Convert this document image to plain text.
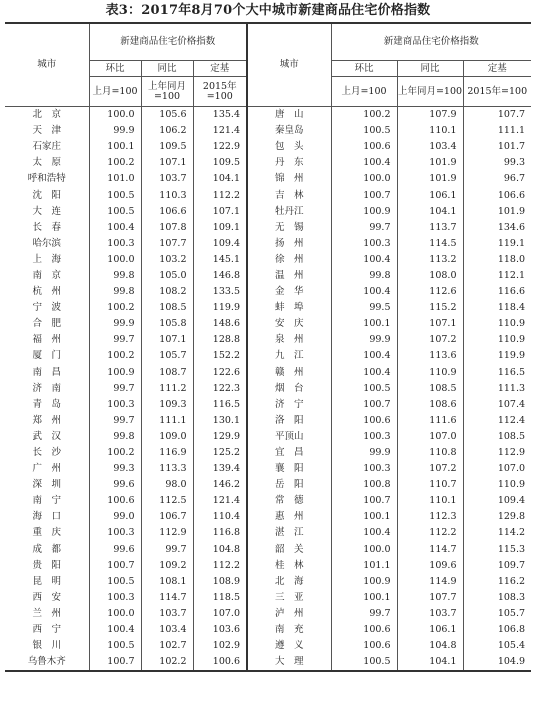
表3：2017年8月70个大中城市新建商品住宅价格指数
城市	新建商品住宅价格指数			城市	新建商品住宅价格指数		
	环比	同比	定基		环比	同比	定基
	上月=100	上年同月=100	2015年=100		上月=100	上年同月=100	2015年=100
北　京	100.0	105.6	135.4	唐　山	100.2	107.9	107.7
天　津	99.9	106.2	121.4	秦皇岛	100.5	110.1	111.1
石家庄	100.1	109.5	122.9	包　头	100.6	103.4	101.7
太　原	100.2	107.1	109.5	丹　东	100.4	101.9	99.3
呼和浩特	101.0	103.7	104.1	锦　州	100.0	101.9	96.7
沈　阳	100.5	110.3	112.2	吉　林	100.7	106.1	106.6
大　连	100.5	106.6	107.1	牡丹江	100.9	104.1	101.9
长　春	100.4	107.8	109.1	无　锡	99.7	113.7	134.6
哈尔滨	100.3	107.7	109.4	扬　州	100.3	114.5	119.1
上　海	100.0	103.2	145.1	徐　州	100.4	113.2	118.0
南　京	99.8	105.0	146.8	温　州	99.8	108.0	112.1
杭　州	99.8	108.2	133.5	金　华	100.4	112.6	116.6
宁　波	100.2	108.5	119.9	蚌　埠	99.5	115.2	118.4
合　肥	99.9	105.8	148.6	安　庆	100.1	107.1	110.9
福　州	99.7	107.1	128.8	泉　州	99.9	107.2	110.9
厦　门	100.2	105.7	152.2	九　江	100.4	113.6	119.9
南　昌	100.9	108.7	122.6	赣　州	100.4	110.9	116.5
济　南	99.7	111.2	122.3	烟　台	100.5	108.5	111.3
青　岛	100.3	109.3	116.5	济　宁	100.7	108.6	107.4
郑　州	99.7	111.1	130.1	洛　阳	100.6	111.6	112.4
武　汉	99.8	109.0	129.9	平顶山	100.3	107.0	108.5
长　沙	100.2	116.9	125.2	宜　昌	99.9	110.8	112.9
广　州	99.3	113.3	139.4	襄　阳	100.3	107.2	107.0
深　圳	99.6	98.0	146.2	岳　阳	100.8	110.7	110.9
南　宁	100.6	112.5	121.4	常　德	100.7	110.1	109.4
海　口	99.0	106.7	110.4	惠　州	100.1	112.3	129.8
重　庆	100.3	112.9	116.8	湛　江	100.4	112.2	114.2
成　都	99.6	99.7	104.8	韶　关	100.0	114.7	115.3
贵　阳	100.7	109.2	112.2	桂　林	101.1	109.6	109.7
昆　明	100.5	108.1	108.9	北　海	100.9	114.9	116.2
西　安	100.3	114.7	118.5	三　亚	100.1	107.7	108.3
兰　州	100.0	103.7	107.0	泸　州	99.7	103.7	105.7
西　宁	100.4	103.4	103.6	南　充	100.6	106.1	106.8
银　川	100.5	102.7	102.9	遵　义	100.6	104.8	105.4
乌鲁木齐	100.7	102.2	100.6	大　理	100.5	104.1	104.9
